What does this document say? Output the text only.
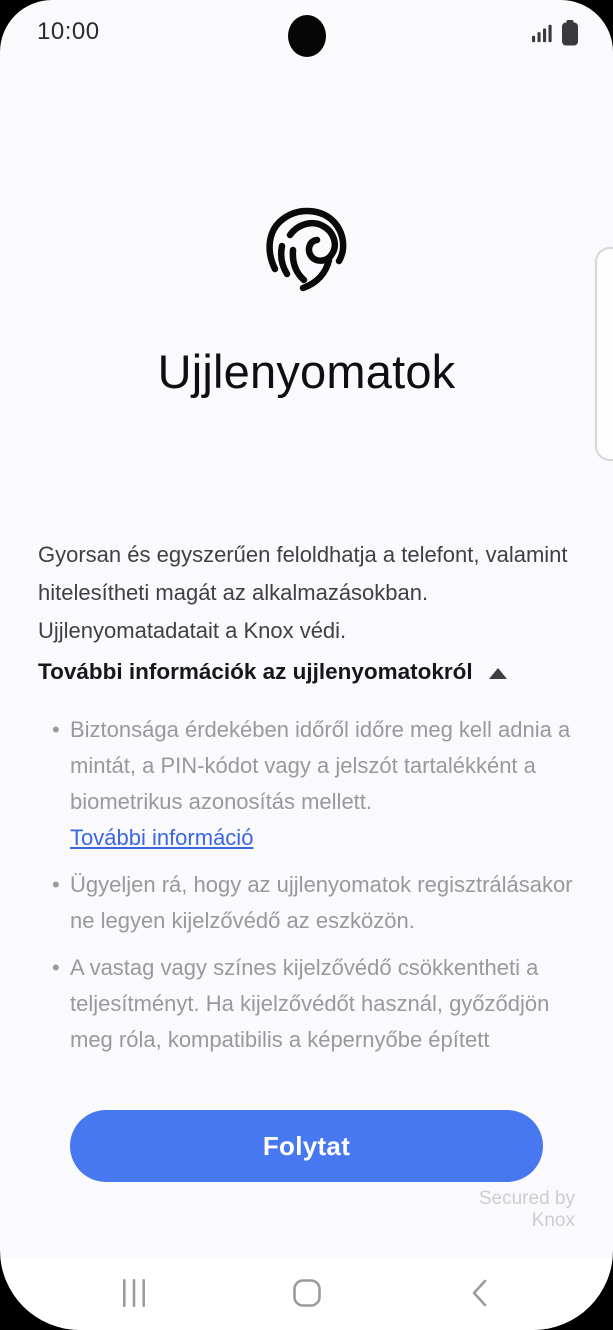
10:00
Ujjlenyomatok

Gyorsan és egyszerűen feloldhatja a telefont, valamint hitelesítheti magát az alkalmazásokban. Ujjlenyomatadatait a Knox védi.

További információk az ujjlenyomatokról
• Biztonsága érdekében időről időre meg kell adnia a mintát, a PIN-kódot vagy a jelszót tartalékként a biometrikus azonosítás mellett.
További információ
• Ügyeljen rá, hogy az ujjlenyomatok regisztrálásakor ne legyen kijelzővédő az eszközön.
• A vastag vagy színes kijelzővédő csökkentheti a teljesítményt. Ha kijelzővédőt használ, győződjön meg róla, kompatibilis a képernyőbe épített
Folytat
Secured by
Knox
